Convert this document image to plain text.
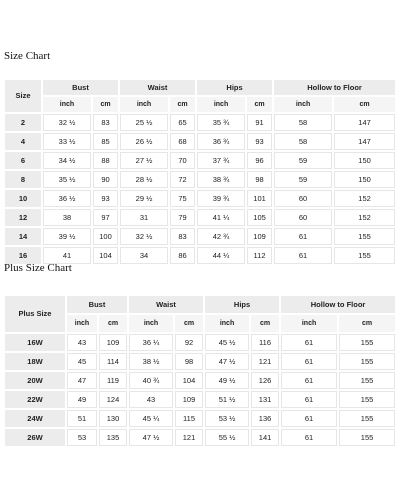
Size Chart
Size	Bust		Waist		Hips		Hollow to Floor	
	inch	cm	inch	cm	inch	cm	inch	cm
2	32 ½	83	25 ½	65	35 ¾	91	58	147
4	33 ½	85	26 ½	68	36 ¾	93	58	147
6	34 ½	88	27 ½	70	37 ¾	96	59	150
8	35 ½	90	28 ½	72	38 ¾	98	59	150
10	36 ½	93	29 ½	75	39 ¾	101	60	152
12	38	97	31	79	41 ¼	105	60	152
14	39 ½	100	32 ½	83	42 ¾	109	61	155
16	41	104	34	86	44 ¼	112	61	155
Plus Size Chart
Plus Size	Bust		Waist		Hips		Hollow to Floor	
	inch	cm	inch	cm	inch	cm	inch	cm
16W	43	109	36 ¼	92	45 ½	116	61	155
18W	45	114	38 ½	98	47 ½	121	61	155
20W	47	119	40 ¾	104	49 ½	126	61	155
22W	49	124	43	109	51 ½	131	61	155
24W	51	130	45 ¼	115	53 ½	136	61	155
26W	53	135	47 ½	121	55 ½	141	61	155
